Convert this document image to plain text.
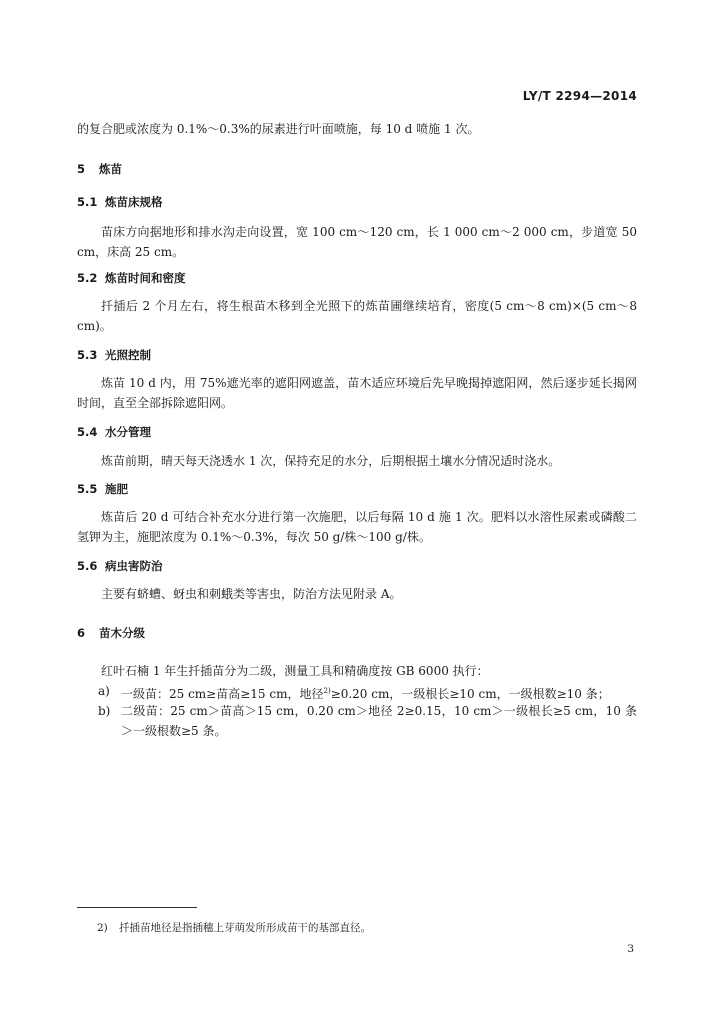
LY/T 2294—2014
的复合肥或浓度为 0.1%～0.3%的尿素进行叶面喷施，每 10 d 喷施 1 次。
5 炼苗
5.1 炼苗床规格
苗床方向据地形和排水沟走向设置，宽 100 cm～120 cm，长 1 000 cm～2 000 cm，步道宽 50 cm，床高 25 cm。
5.2 炼苗时间和密度
扦插后 2 个月左右，将生根苗木移到全光照下的炼苗圃继续培育，密度(5 cm～8 cm)×(5 cm～8 cm)。
5.3 光照控制
炼苗 10 d 内，用 75%遮光率的遮阳网遮盖，苗木适应环境后先早晚揭掉遮阳网，然后逐步延长揭网时间，直至全部拆除遮阳网。
5.4 水分管理
炼苗前期，晴天每天浇透水 1 次，保持充足的水分，后期根据土壤水分情况适时浇水。
5.5 施肥
炼苗后 20 d 可结合补充水分进行第一次施肥，以后每隔 10 d 施 1 次。肥料以水溶性尿素或磷酸二氢钾为主，施肥浓度为 0.1%～0.3%，每次 50 g/株～100 g/株。
5.6 病虫害防治
主要有蛴螬、蚜虫和刺蛾类等害虫，防治方法见附录 A。
6 苗木分级
红叶石楠 1 年生扦插苗分为二级，测量工具和精确度按 GB 6000 执行：
a) 一级苗：25 cm≥苗高≥15 cm，地径$^{2)}$≥0.20 cm，一级根长≥10 cm，一级根数≥10 条；
b) 二级苗：25 cm＞苗高＞15 cm，0.20 cm＞地径 2≥0.15，10 cm＞一级根长≥5 cm，10 条＞一级根数≥5 条。
2) 扦插苗地径是指插穗上芽萌发所形成苗干的基部直径。
3
